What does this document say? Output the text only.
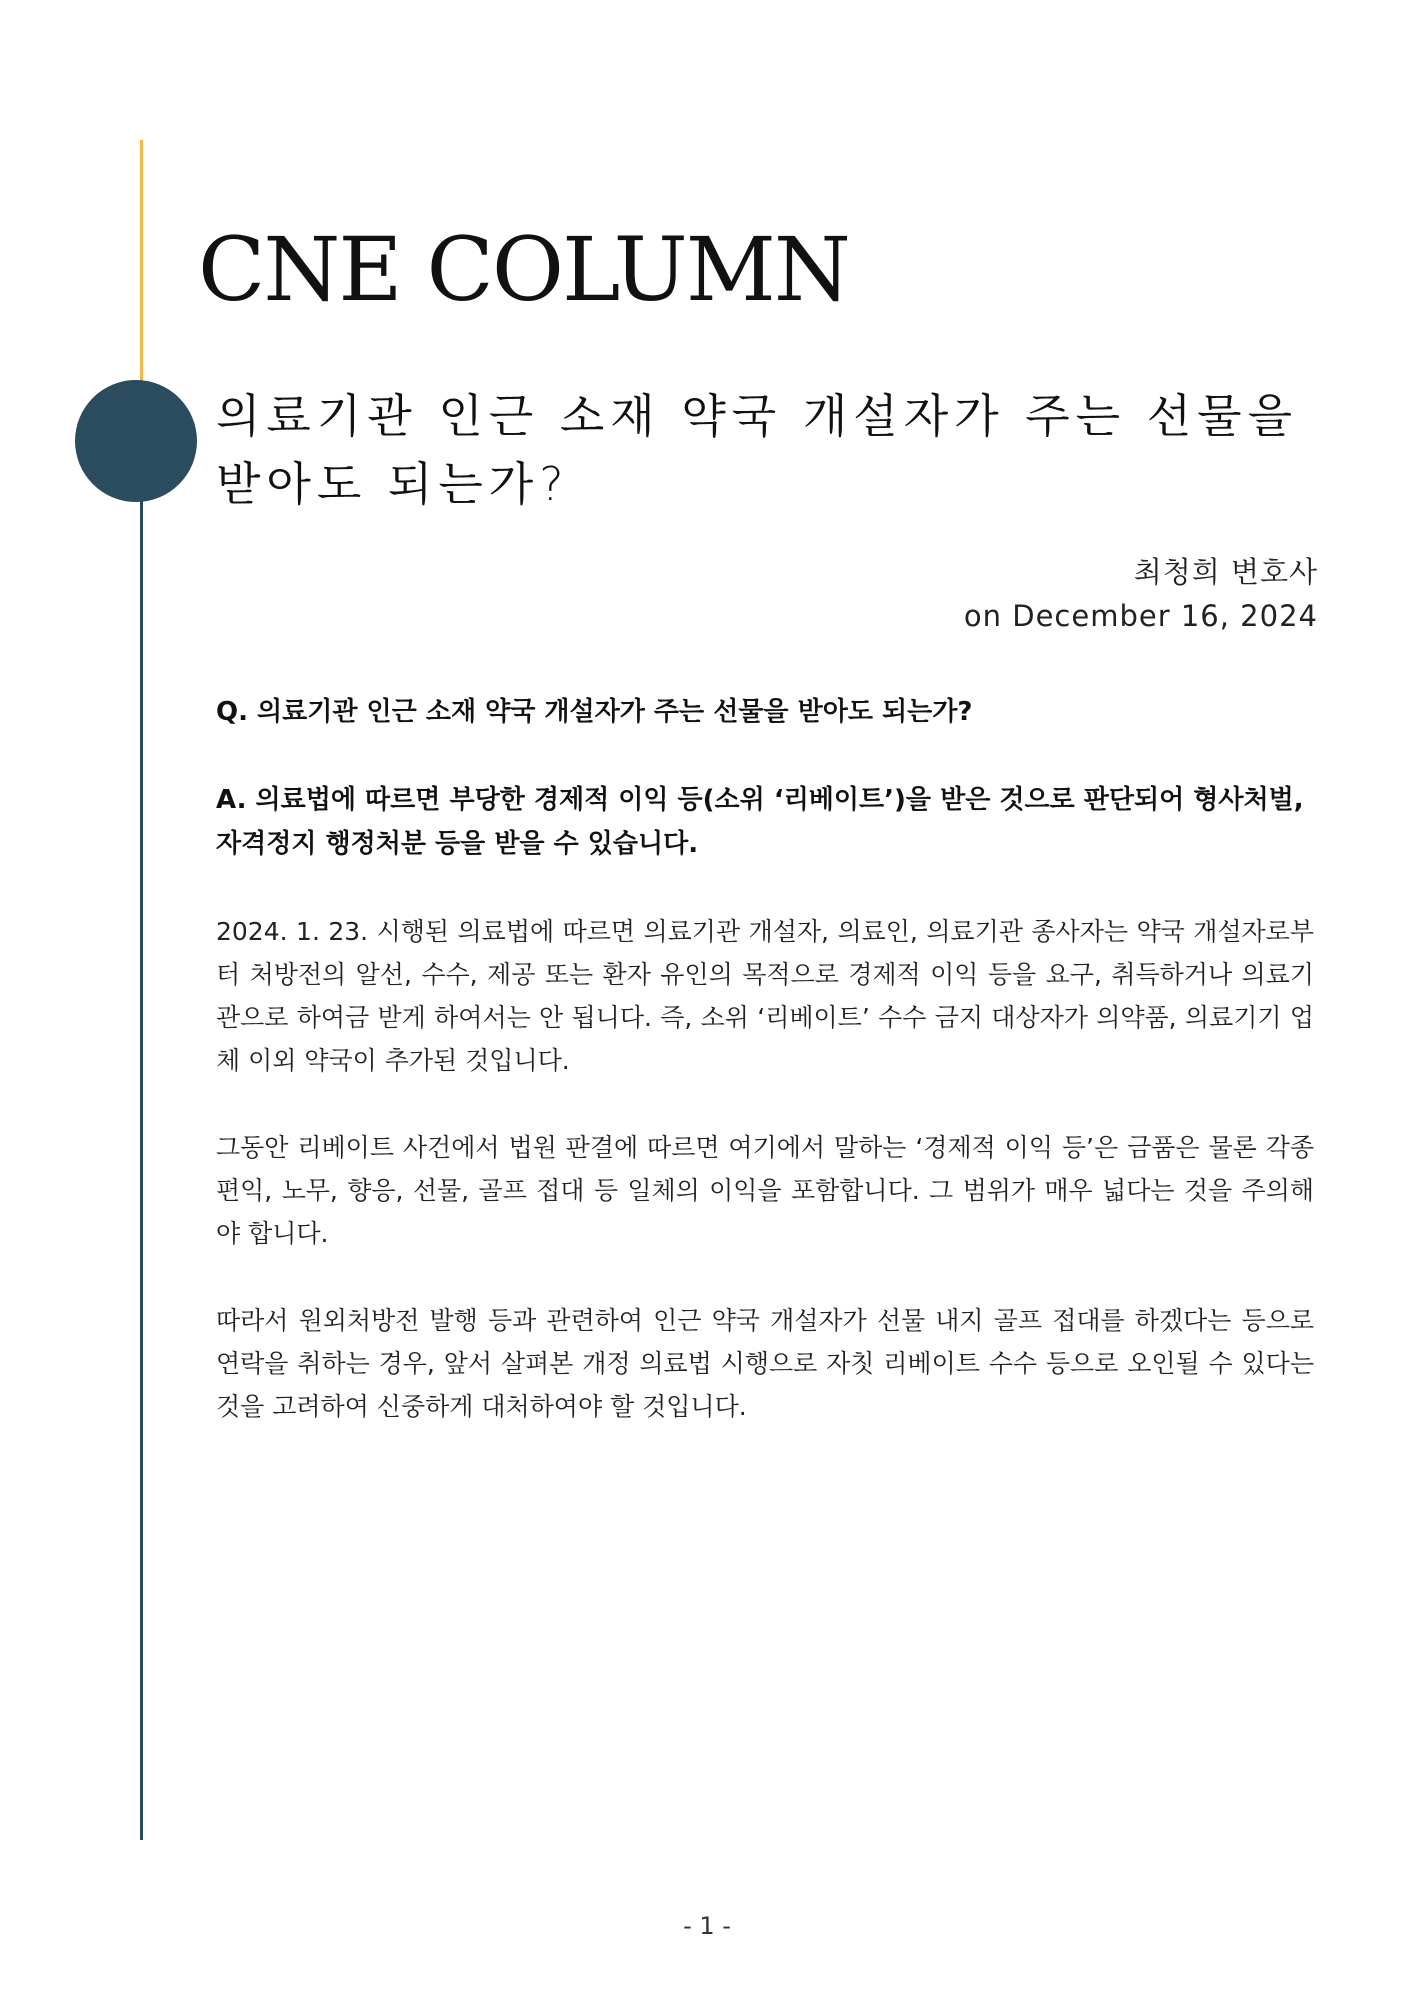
CNE COLUMN
의료기관 인근 소재 약국 개설자가 주는 선물을 받아도 되는가?
최청희 변호사
on December 16, 2024

Q. 의료기관 인근 소재 약국 개설자가 주는 선물을 받아도 되는가?

A. 의료법에 따르면 부당한 경제적 이익 등(소위 ‘리베이트’)을 받은 것으로 판단되어 형사처벌, 자격정지 행정처분 등을 받을 수 있습니다.

2024. 1. 23. 시행된 의료법에 따르면 의료기관 개설자, 의료인, 의료기관 종사자는 약국 개설자로부터 처방전의 알선, 수수, 제공 또는 환자 유인의 목적으로 경제적 이익 등을 요구, 취득하거나 의료기관으로 하여금 받게 하여서는 안 됩니다. 즉, 소위 ‘리베이트’ 수수 금지 대상자가 의약품, 의료기기 업체 이외 약국이 추가된 것입니다.

그동안 리베이트 사건에서 법원 판결에 따르면 여기에서 말하는 ‘경제적 이익 등’은 금품은 물론 각종 편익, 노무, 향응, 선물, 골프 접대 등 일체의 이익을 포함합니다. 그 범위가 매우 넓다는 것을 주의해야 합니다.

따라서 원외처방전 발행 등과 관련하여 인근 약국 개설자가 선물 내지 골프 접대를 하겠다는 등으로 연락을 취하는 경우, 앞서 살펴본 개정 의료법 시행으로 자칫 리베이트 수수 등으로 오인될 수 있다는 것을 고려하여 신중하게 대처하여야 할 것입니다.

- 1 -
